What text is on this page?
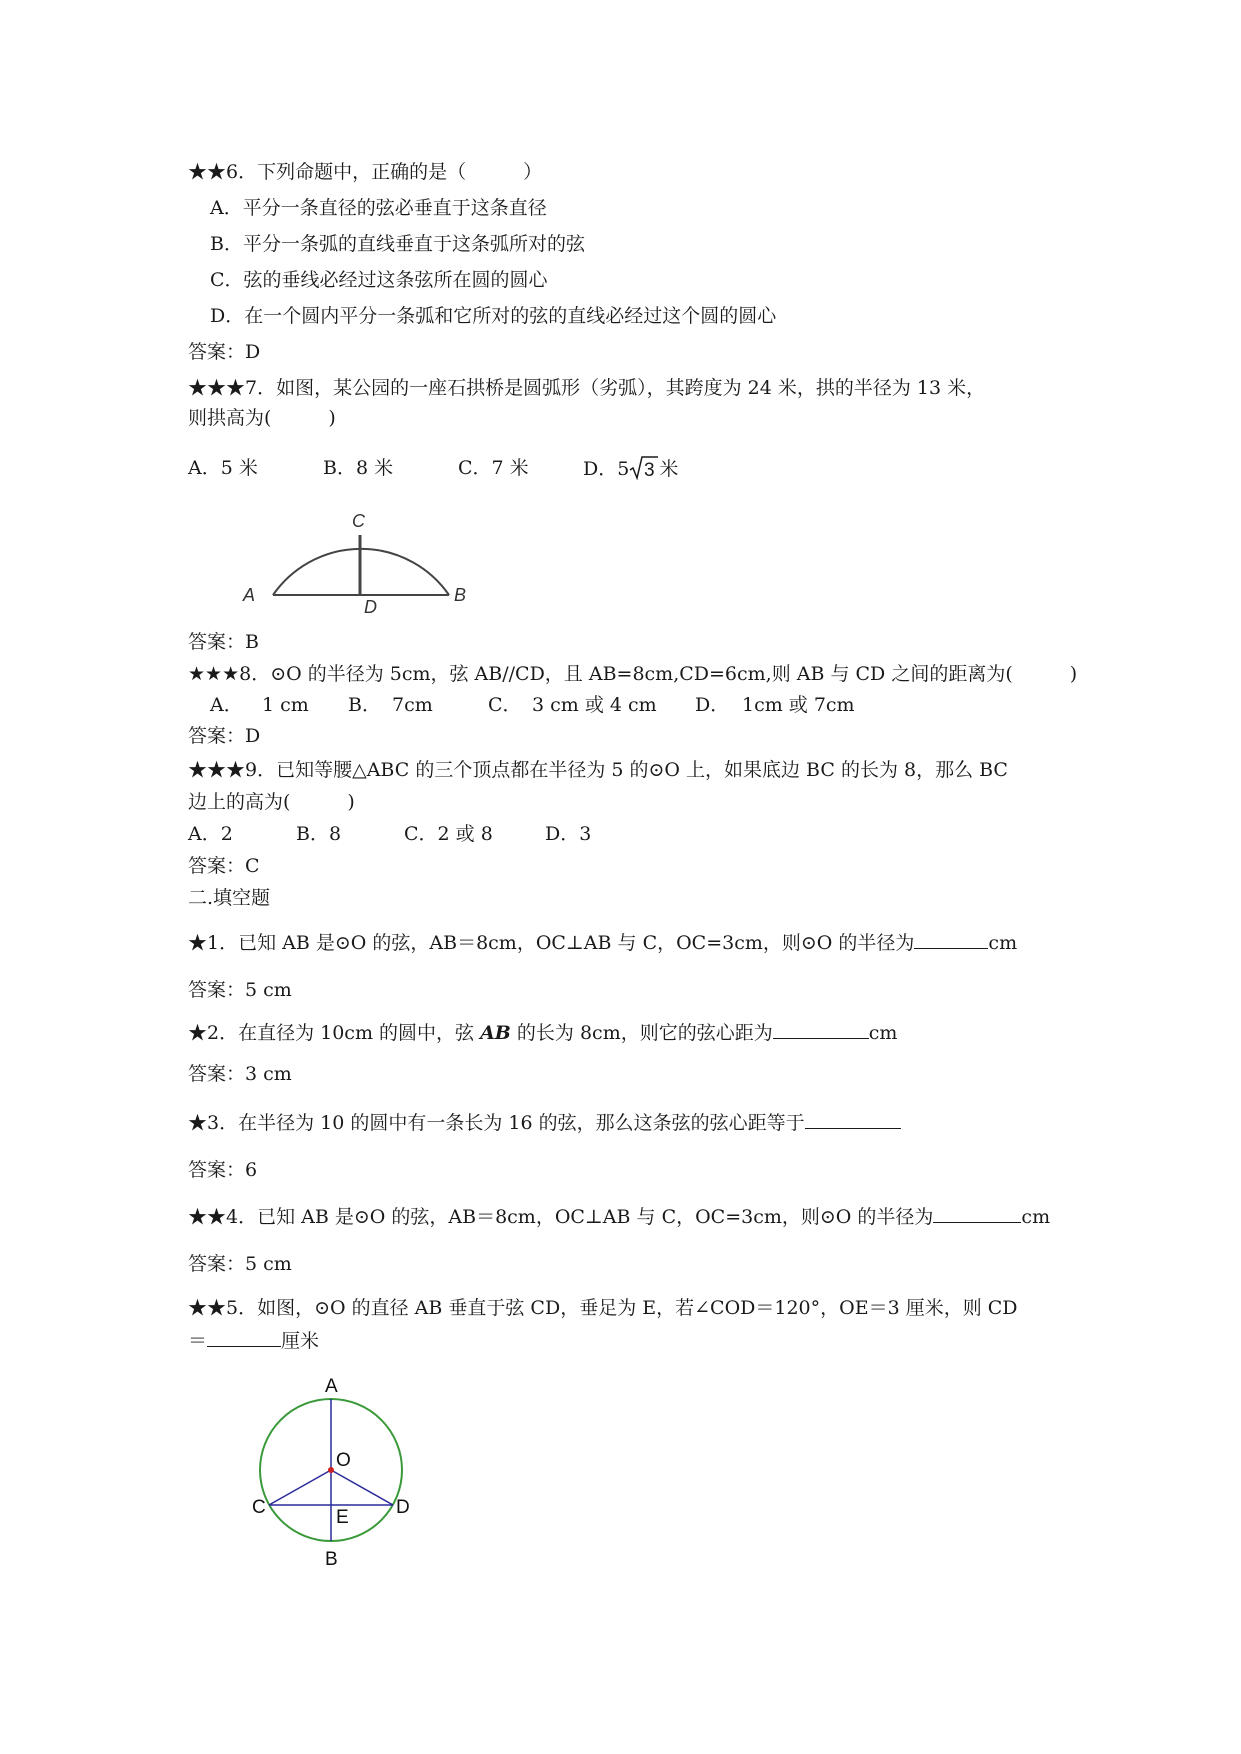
★★6．下列命题中，正确的是（　　　）
A．平分一条直径的弦必垂直于这条直径
B．平分一条弧的直线垂直于这条弧所对的弦
C．弦的垂线必经过这条弦所在圆的圆心
D．在一个圆内平分一条弧和它所对的弦的直线必经过这个圆的圆心
答案：D
★★★7．如图，某公园的一座石拱桥是圆弧形（劣弧），其跨度为 24 米，拱的半径为 13 米，
则拱高为(　　　)
A．5 米	B．8 米	C．7 米	D．5 3 米
C
A	B
D
答案：B
★★★8．⊙O 的半径为 5cm，弦 AB//CD，且 AB=8cm,CD=6cm,则 AB 与 CD 之间的距离为(　　　)
A． 1 cm B． 7cm	C． 3 cm 或 4 cm D． 1cm 或 7cm
答案：D
★★★9．已知等腰△ABC 的三个顶点都在半径为 5 的⊙O 上，如果底边 BC 的长为 8，那么 BC
边上的高为(　　　)
A．2	B．8	C．2 或 8	D．3
答案：C
二.填空题
★1．已知 AB 是⊙O 的弦，AB＝8cm，OC⊥AB 与 C，OC=3cm，则⊙O 的半径为	cm
答案：5 cm
★2．在直径为 10cm 的圆中，弦 AB 的长为 8cm，则它的弦心距为	cm
答案：3 cm
★3．在半径为 10 的圆中有一条长为 16 的弦，那么这条弦的弦心距等于
答案：6
★★4．已知 AB 是⊙O 的弦，AB＝8cm，OC⊥AB 与 C，OC=3cm，则⊙O 的半径为	cm
答案：5 cm
★★5．如图，⊙O 的直径 AB 垂直于弦 CD，垂足为 E，若∠COD＝120°，OE＝3 厘米，则 CD
＝	厘米
A
O
C	D
E
B
